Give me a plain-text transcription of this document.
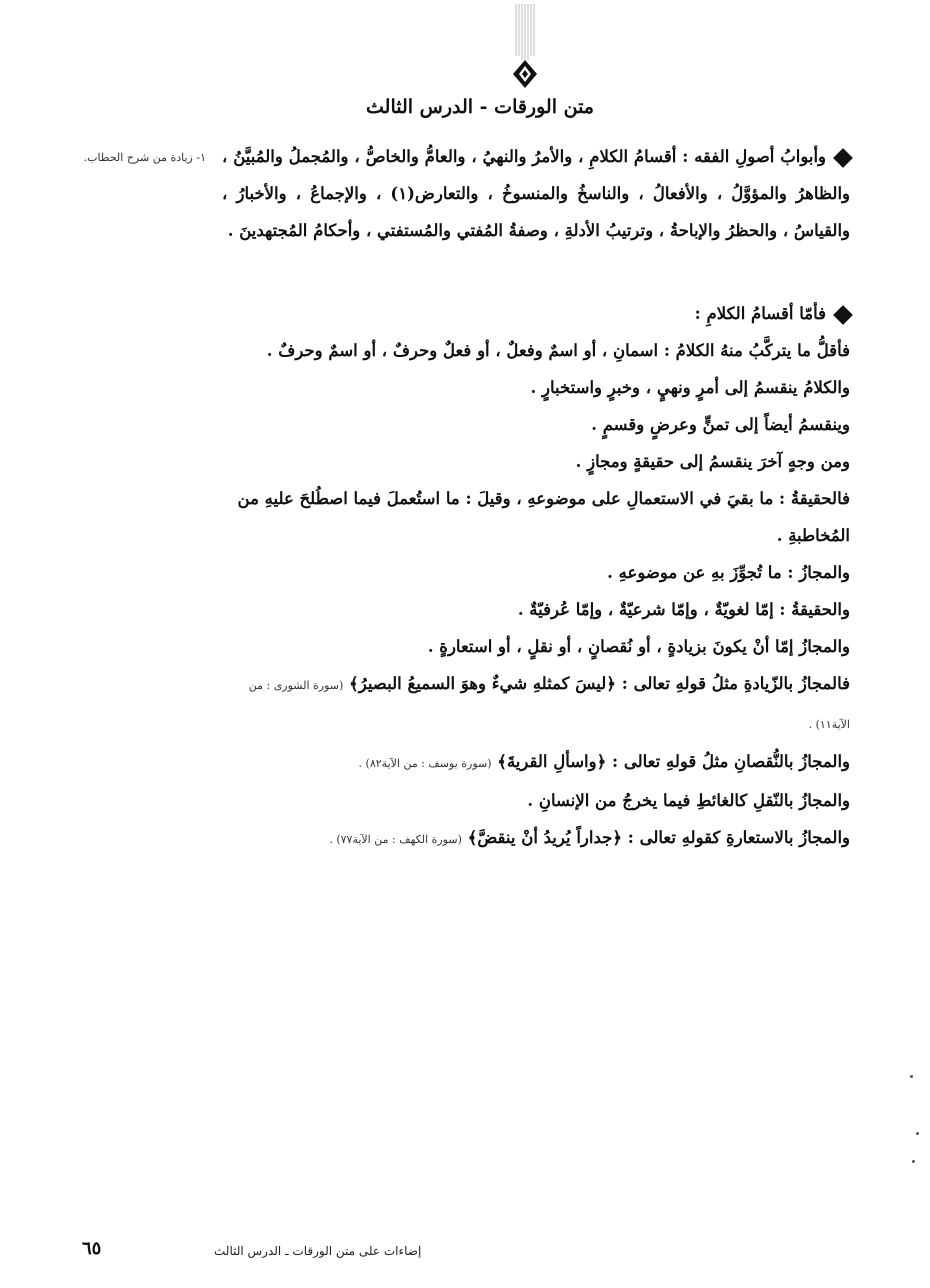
متن الورقات - الدرس الثالث
١- زيادة من شرح الحطاب. وأبوابُ أصولِ الفقه : أقسامُ الكلامِ ، والأمرُ والنهيُ ، والعامُّ والخاصُّ ، والمُجملُ والمُبيَّنُ ، والظاهرُ والمؤوَّلُ ، والأفعالُ ، والناسخُ والمنسوخُ ، والتعارض(١) ، والإجماعُ ، والأخبارُ ، والقياسُ ، والحظرُ والإباحةُ ، وترتيبُ الأدلةِ ، وصفةُ المُفتي والمُستفتي ، وأحكامُ المُجتهدينَ .

فأمّا أقسامُ الكلامِ :

فأقلُّ ما يتركَّبُ منهُ الكلامُ : اسمانِ ، أو اسمٌ وفعلٌ ، أو فعلٌ وحرفٌ ، أو اسمٌ وحرفٌ .

والكلامُ ينقسمُ إلى أمرٍ ونهيٍ ، وخبرٍ واستخبارٍ .

وينقسمُ أيضاً إلى تمنٍّ وعرضٍ وقسمٍ .

ومن وجهٍ آخرَ ينقسمُ إلى حقيقةٍ ومجازٍ .

فالحقيقةُ : ما بقيَ في الاستعمالِ على موضوعهِ ، وقيلَ : ما استُعملَ فيما اصطُلحَ عليهِ من المُخاطبةِ .

والمجازُ : ما تُجوِّزَ بهِ عن موضوعهِ .

والحقيقةُ : إمّا لغويّةٌ ، وإمّا شرعيّةٌ ، وإمّا عُرفيّةٌ .

والمجازُ إمّا أنْ يكونَ بزيادةٍ ، أو نُقصانٍ ، أو نقلٍ ، أو استعارةٍ .

فالمجازُ بالزّيادةِ مثلُ قولهِ تعالى : ﴿ليسَ كمثلهِ شيءٌ وهوَ السميعُ البصيرُ﴾ (سورة الشورى : من الآية١١) .

والمجازُ بالنُّقصانِ مثلُ قولهِ تعالى : ﴿واسألِ القريةَ﴾ (سورة يوسف : من الآية٨٢) .

والمجازُ بالنّقلِ كالغائطِ فيما يخرجُ من الإنسانِ .

والمجازُ بالاستعارةِ كقولهِ تعالى : ﴿جداراً يُريدُ أنْ ينقضَّ﴾ (سورة الكهف : من الآية٧٧) .

٦٥	إضاءات على متن الورقات ـ الدرس الثالث
